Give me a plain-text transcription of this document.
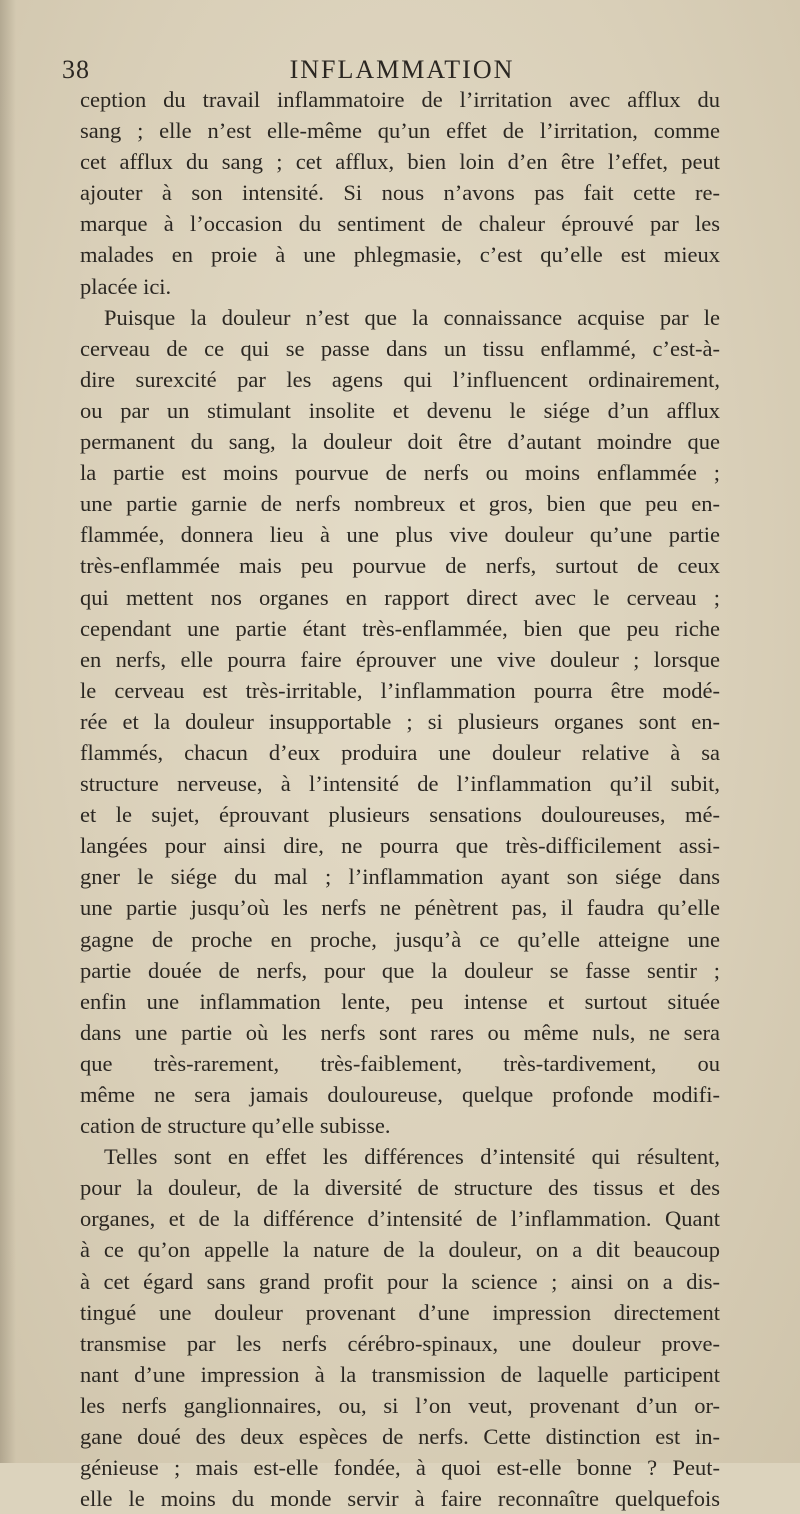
38	INFLAMMATION
ception du travail inflammatoire de l’irritation avec afflux du
sang ; elle n’est elle-même qu’un effet de l’irritation, comme
cet afflux du sang ; cet afflux, bien loin d’en être l’effet, peut
ajouter à son intensité. Si nous n’avons pas fait cette re-
marque à l’occasion du sentiment de chaleur éprouvé par les
malades en proie à une phlegmasie, c’est qu’elle est mieux
placée ici.
Puisque la douleur n’est que la connaissance acquise par le
cerveau de ce qui se passe dans un tissu enflammé, c’est-à-
dire surexcité par les agens qui l’influencent ordinairement,
ou par un stimulant insolite et devenu le siége d’un afflux
permanent du sang, la douleur doit être d’autant moindre que
la partie est moins pourvue de nerfs ou moins enflammée ;
une partie garnie de nerfs nombreux et gros, bien que peu en-
flammée, donnera lieu à une plus vive douleur qu’une partie
très-enflammée mais peu pourvue de nerfs, surtout de ceux
qui mettent nos organes en rapport direct avec le cerveau ;
cependant une partie étant très-enflammée, bien que peu riche
en nerfs, elle pourra faire éprouver une vive douleur ; lorsque
le cerveau est très-irritable, l’inflammation pourra être modé-
rée et la douleur insupportable ; si plusieurs organes sont en-
flammés, chacun d’eux produira une douleur relative à sa
structure nerveuse, à l’intensité de l’inflammation qu’il subit,
et le sujet, éprouvant plusieurs sensations douloureuses, mé-
langées pour ainsi dire, ne pourra que très-difficilement assi-
gner le siége du mal ; l’inflammation ayant son siége dans
une partie jusqu’où les nerfs ne pénètrent pas, il faudra qu’elle
gagne de proche en proche, jusqu’à ce qu’elle atteigne une
partie douée de nerfs, pour que la douleur se fasse sentir ;
enfin une inflammation lente, peu intense et surtout située
dans une partie où les nerfs sont rares ou même nuls, ne sera
que très-rarement, très-faiblement, très-tardivement, ou
même ne sera jamais douloureuse, quelque profonde modifi-
cation de structure qu’elle subisse.
Telles sont en effet les différences d’intensité qui résultent,
pour la douleur, de la diversité de structure des tissus et des
organes, et de la différence d’intensité de l’inflammation. Quant
à ce qu’on appelle la nature de la douleur, on a dit beaucoup
à cet égard sans grand profit pour la science ; ainsi on a dis-
tingué une douleur provenant d’une impression directement
transmise par les nerfs cérébro-spinaux, une douleur prove-
nant d’une impression à la transmission de laquelle participent
les nerfs ganglionnaires, ou, si l’on veut, provenant d’un or-
gane doué des deux espèces de nerfs. Cette distinction est in-
génieuse ; mais est-elle fondée, à quoi est-elle bonne ? Peut-
elle le moins du monde servir à faire reconnaître quelquefois
